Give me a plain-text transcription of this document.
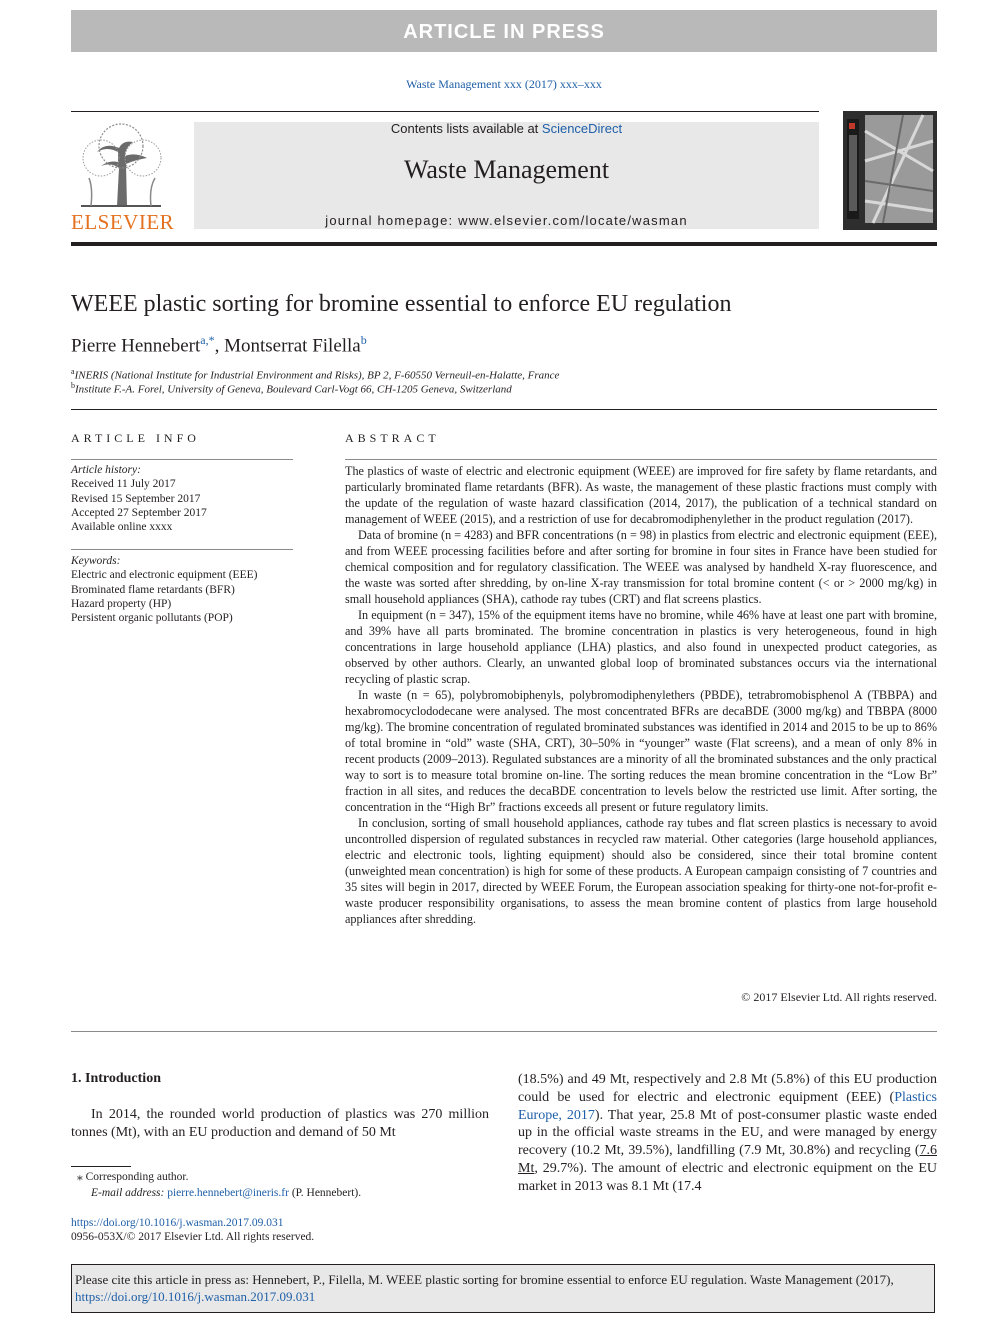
ARTICLE IN PRESS
Waste Management xxx (2017) xxx–xxx
ELSEVIER
Contents lists available at ScienceDirect
Waste Management
journal homepage: www.elsevier.com/locate/wasman
WEEE plastic sorting for bromine essential to enforce EU regulation
Pierre Hennebert$^{a,*}$, Montserrat Filella$^b$
$^a$INERIS (National Institute for Industrial Environment and Risks), BP 2, F-60550 Verneuil-en-Halatte, France
$^b$Institute F.-A. Forel, University of Geneva, Boulevard Carl-Vogt 66, CH-1205 Geneva, Switzerland
ARTICLE INFO
Article history:
Received 11 July 2017
Revised 15 September 2017
Accepted 27 September 2017
Available online xxxx
Keywords:
Electric and electronic equipment (EEE)
Brominated flame retardants (BFR)
Hazard property (HP)
Persistent organic pollutants (POP)
ABSTRACT

The plastics of waste of electric and electronic equipment (WEEE) are improved for fire safety by flame retardants, and particularly brominated flame retardants (BFR). As waste, the management of these plastic fractions must comply with the update of the regulation of waste hazard classification (2014, 2017), the publication of a technical standard on management of WEEE (2015), and a restriction of use for decabromodiphenylether in the product regulation (2017).

Data of bromine (n = 4283) and BFR concentrations (n = 98) in plastics from electric and electronic equipment (EEE), and from WEEE processing facilities before and after sorting for bromine in four sites in France have been studied for chemical composition and for regulatory classification. The WEEE was analysed by handheld X-ray fluorescence, and the waste was sorted after shredding, by on-line X-ray transmission for total bromine content (< or > 2000 mg/kg) in small household appliances (SHA), cathode ray tubes (CRT) and flat screens plastics.

In equipment (n = 347), 15% of the equipment items have no bromine, while 46% have at least one part with bromine, and 39% have all parts brominated. The bromine concentration in plastics is very heterogeneous, found in high concentrations in large household appliance (LHA) plastics, and also found in unexpected product categories, as observed by other authors. Clearly, an unwanted global loop of brominated substances occurs via the international recycling of plastic scrap.

In waste (n = 65), polybromobiphenyls, polybromodiphenylethers (PBDE), tetrabromobisphenol A (TBBPA) and hexabromocyclododecane were analysed. The most concentrated BFRs are decaBDE (3000 mg/kg) and TBBPA (8000 mg/kg). The bromine concentration of regulated brominated substances was identified in 2014 and 2015 to be up to 86% of total bromine in “old” waste (SHA, CRT), 30–50% in “younger” waste (Flat screens), and a mean of only 8% in recent products (2009–2013). Regulated substances are a minority of all the brominated substances and the only practical way to sort is to measure total bromine on-line. The sorting reduces the mean bromine concentration in the “Low Br” fraction in all sites, and reduces the decaBDE concentration to levels below the restricted use limit. After sorting, the concentration in the “High Br” fractions exceeds all present or future regulatory limits.

In conclusion, sorting of small household appliances, cathode ray tubes and flat screen plastics is necessary to avoid uncontrolled dispersion of regulated substances in recycled raw material. Other categories (large household appliances, electric and electronic tools, lighting equipment) should also be considered, since their total bromine content (unweighted mean concentration) is high for some of these products. A European campaign consisting of 7 countries and 35 sites will begin in 2017, directed by WEEE Forum, the European association speaking for thirty-one not-for-profit e-waste producer responsibility organisations, to assess the mean bromine content of plastics from large household appliances after shredding.

© 2017 Elsevier Ltd. All rights reserved.
1. Introduction
In 2014, the rounded world production of plastics was 270 million tonnes (Mt), with an EU production and demand of 50 Mt
(18.5%) and 49 Mt, respectively and 2.8 Mt (5.8%) of this EU production could be used for electric and electronic equipment (EEE) (Plastics Europe, 2017). That year, 25.8 Mt of post-consumer plastic waste ended up in the official waste streams in the EU, and were managed by energy recovery (10.2 Mt, 39.5%), landfilling (7.9 Mt, 30.8%) and recycling (7.6 Mt, 29.7%). The amount of electric and electronic equipment on the EU market in 2013 was 8.1 Mt (17.4
⁎ Corresponding author.
E-mail address: pierre.hennebert@ineris.fr (P. Hennebert).
https://doi.org/10.1016/j.wasman.2017.09.031
0956-053X/© 2017 Elsevier Ltd. All rights reserved.
Please cite this article in press as: Hennebert, P., Filella, M. WEEE plastic sorting for bromine essential to enforce EU regulation. Waste Management (2017),
https://doi.org/10.1016/j.wasman.2017.09.031
